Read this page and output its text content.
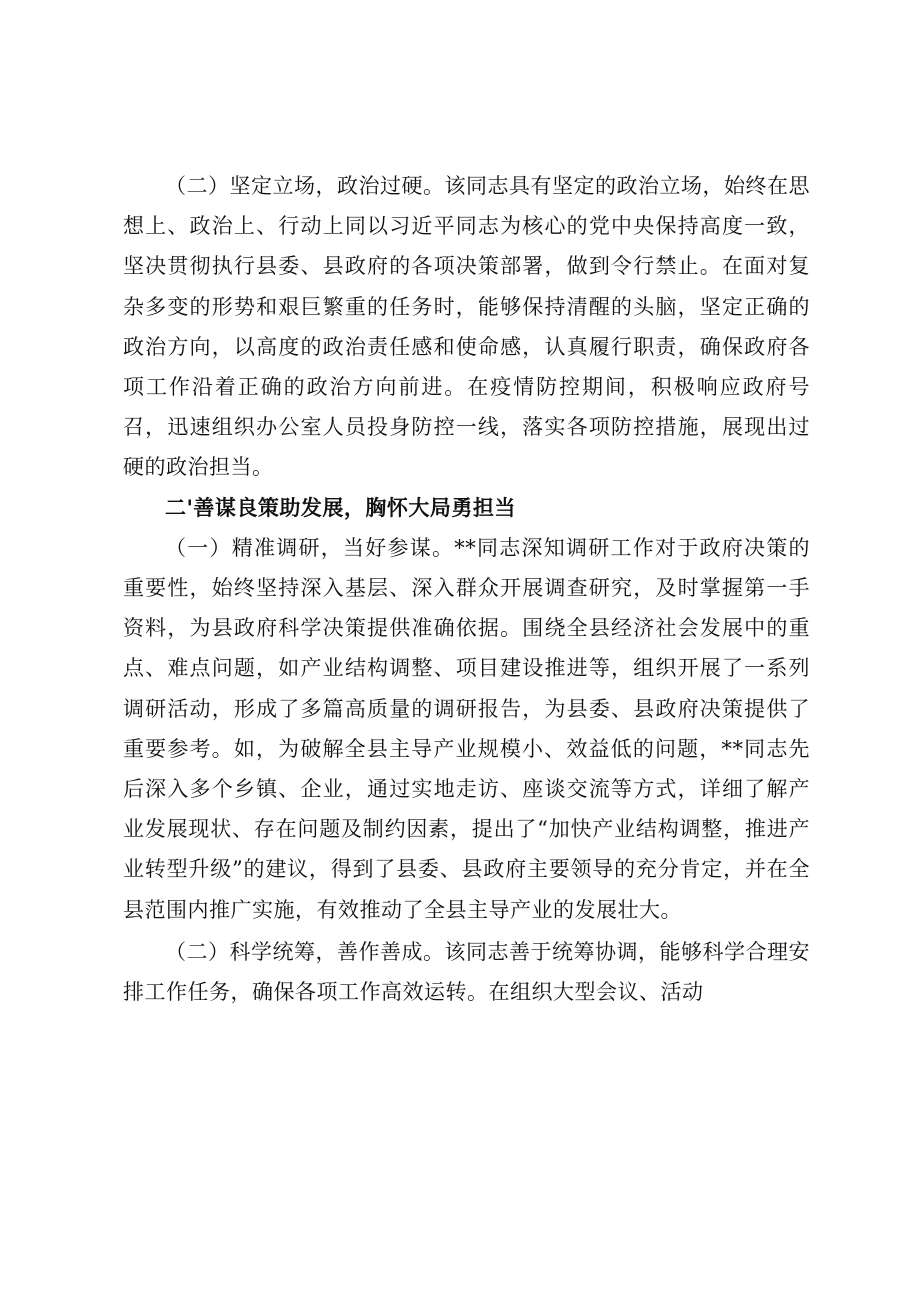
（二）坚定立场，政治过硬。该同志具有坚定的政治立场，始终在思想上、政治上、行动上同以习近平同志为核心的党中央保持高度一致，坚决贯彻执行县委、县政府的各项决策部署，做到令行禁止。在面对复杂多变的形势和艰巨繁重的任务时，能够保持清醒的头脑，坚定正确的政治方向，以高度的政治责任感和使命感，认真履行职责，确保政府各项工作沿着正确的政治方向前进。在疫情防控期间，积极响应政府号召，迅速组织办公室人员投身防控一线，落实各项防控措施，展现出过硬的政治担当。

二'善谋良策助发展，胸怀大局勇担当

（一）精准调研，当好参谋。**同志深知调研工作对于政府决策的重要性，始终坚持深入基层、深入群众开展调查研究，及时掌握第一手资料，为县政府科学决策提供准确依据。围绕全县经济社会发展中的重点、难点问题，如产业结构调整、项目建设推进等，组织开展了一系列调研活动，形成了多篇高质量的调研报告，为县委、县政府决策提供了重要参考。如，为破解全县主导产业规模小、效益低的问题，**同志先后深入多个乡镇、企业，通过实地走访、座谈交流等方式，详细了解产业发展现状、存在问题及制约因素，提出了“加快产业结构调整，推进产业转型升级”的建议，得到了县委、县政府主要领导的充分肯定，并在全县范围内推广实施，有效推动了全县主导产业的发展壮大。

（二）科学统筹，善作善成。该同志善于统筹协调，能够科学合理安排工作任务，确保各项工作高效运转。在组织大型会议、活动
